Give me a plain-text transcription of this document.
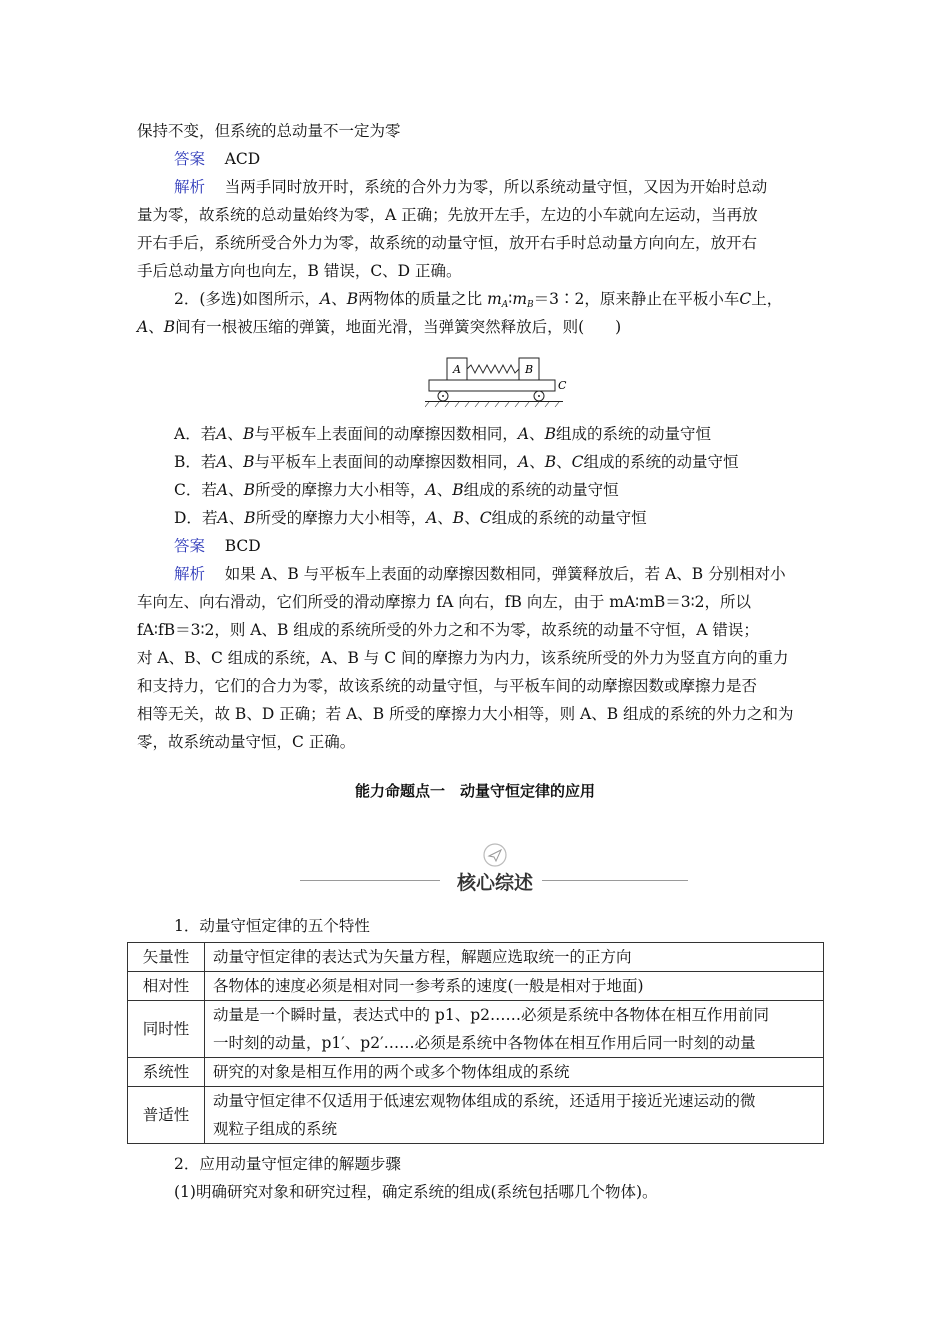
保持不变，但系统的总动量不一定为零
答案 ACD
解析 当两手同时放开时，系统的合外力为零，所以系统动量守恒，又因为开始时总动
量为零，故系统的总动量始终为零，A 正确；先放开左手，左边的小车就向左运动，当再放
开右手后，系统所受合外力为零，故系统的动量守恒，放开右手时总动量方向向左，放开右
手后总动量方向也向左，B 错误，C、D 正确。
2．(多选)如图所示，A、B两物体的质量之比 mA∶mB＝3∶2，原来静止在平板小车C上，
A、B间有一根被压缩的弹簧，地面光滑，当弹簧突然释放后，则(　　)
A	B
C
A．若A、B与平板车上表面间的动摩擦因数相同，A、B组成的系统的动量守恒
B．若A、B与平板车上表面间的动摩擦因数相同，A、B、C组成的系统的动量守恒
C．若A、B所受的摩擦力大小相等，A、B组成的系统的动量守恒
D．若A、B所受的摩擦力大小相等，A、B、C组成的系统的动量守恒
答案 BCD
解析 如果 A、B 与平板车上表面的动摩擦因数相同，弹簧释放后，若 A、B 分别相对小
车向左、向右滑动，它们所受的滑动摩擦力 fA 向右，fB 向左，由于 mA∶mB＝3∶2，所以
fA∶fB＝3∶2，则 A、B 组成的系统所受的外力之和不为零，故系统的动量不守恒，A 错误；
对 A、B、C 组成的系统，A、B 与 C 间的摩擦力为内力，该系统所受的外力为竖直方向的重力
和支持力，它们的合力为零，故该系统的动量守恒，与平板车间的动摩擦因数或摩擦力是否
相等无关，故 B、D 正确；若 A、B 所受的摩擦力大小相等，则 A、B 组成的系统的外力之和为
零，故系统动量守恒，C 正确。
能力命题点一　动量守恒定律的应用
核心综述
1．动量守恒定律的五个特性
矢量性	动量守恒定律的表达式为矢量方程，解题应选取统一的正方向
相对性	各物体的速度必须是相对同一参考系的速度(一般是相对于地面)
同时性	动量是一个瞬时量，表达式中的 p1、p2……必须是系统中各物体在相互作用前同
一时刻的动量，p1′、p2′……必须是系统中各物体在相互作用后同一时刻的动量

系统性	研究的对象是相互作用的两个或多个物体组成的系统
普适性	动量守恒定律不仅适用于低速宏观物体组成的系统，还适用于接近光速运动的微
观粒子组成的系统
2．应用动量守恒定律的解题步骤
(1)明确研究对象和研究过程，确定系统的组成(系统包括哪几个物体)。
